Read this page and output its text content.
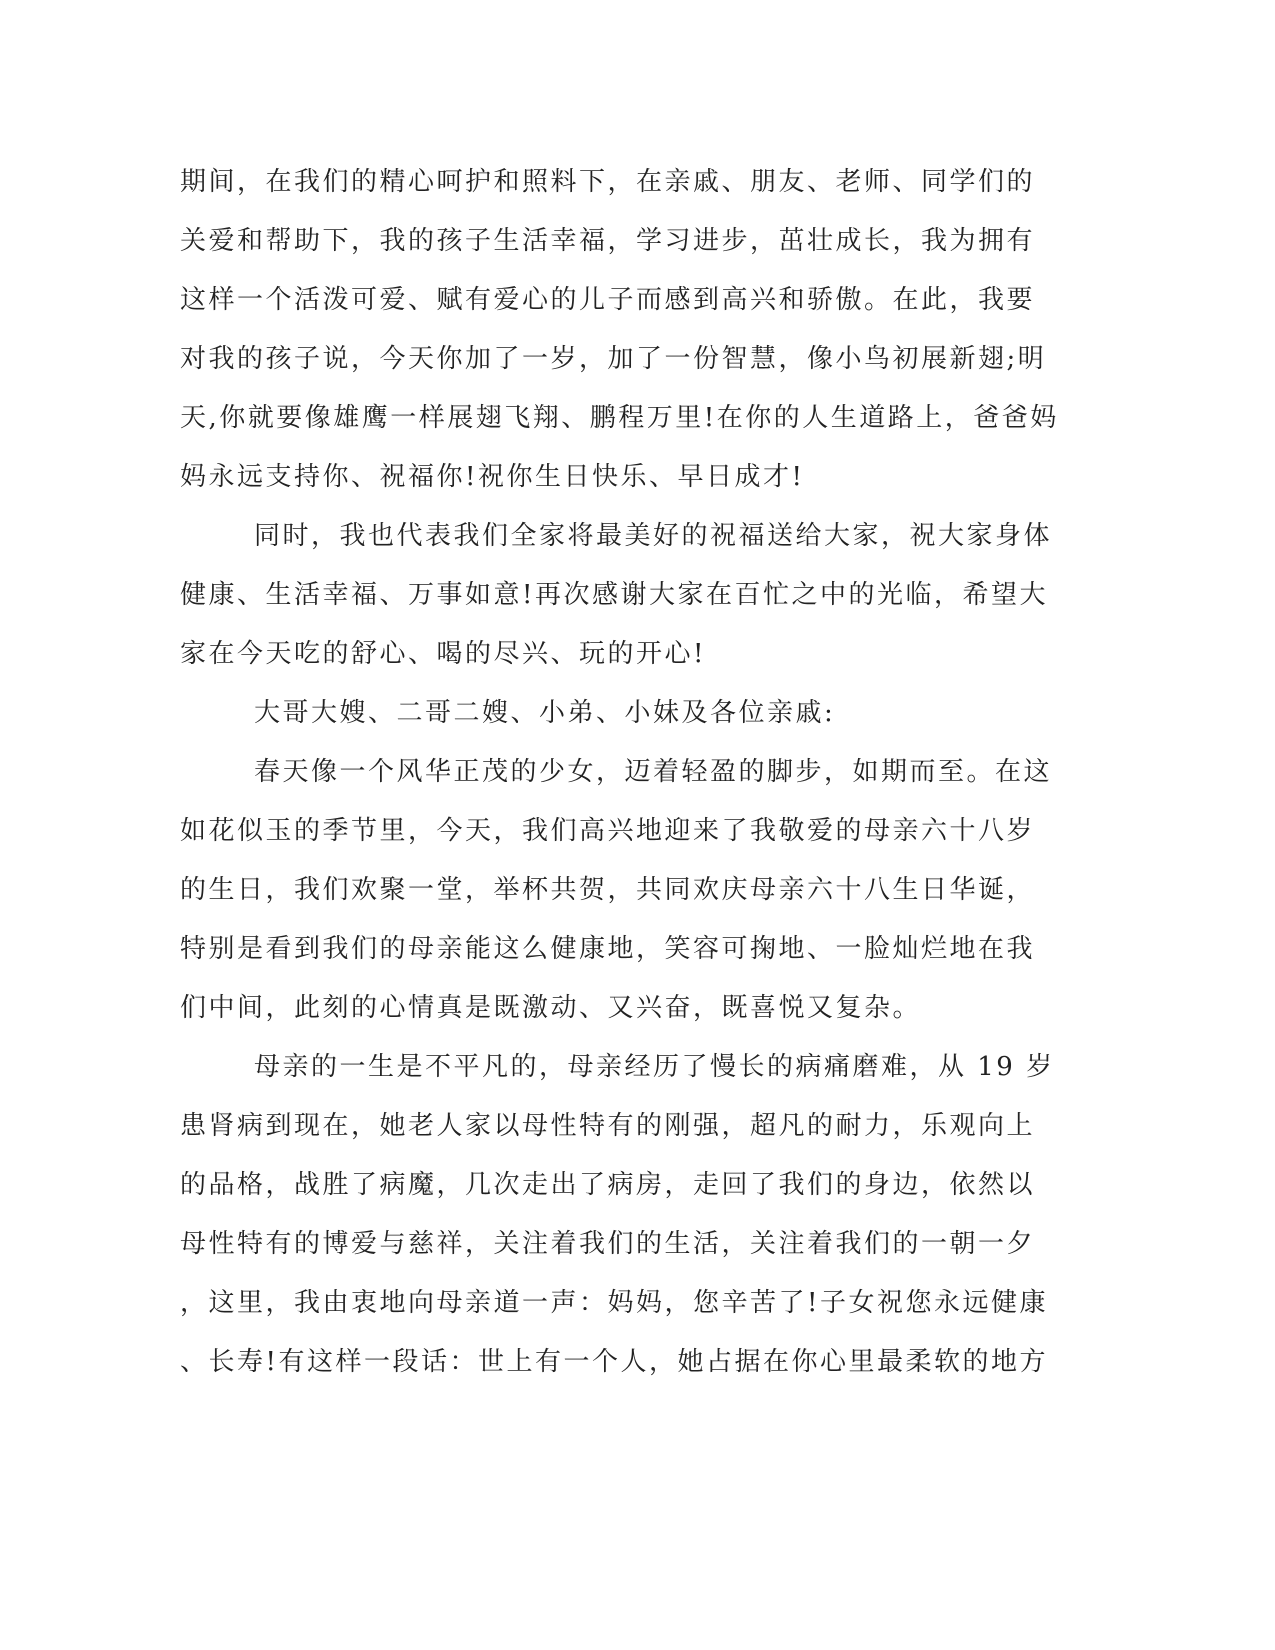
期间，在我们的精心呵护和照料下，在亲戚、朋友、老师、同学们的
关爱和帮助下，我的孩子生活幸福，学习进步，茁壮成长，我为拥有
这样一个活泼可爱、赋有爱心的儿子而感到高兴和骄傲。在此，我要
对我的孩子说，今天你加了一岁，加了一份智慧，像小鸟初展新翅;明
天,你就要像雄鹰一样展翅飞翔、鹏程万里!在你的人生道路上，爸爸妈
妈永远支持你、祝福你!祝你生日快乐、早日成才!
同时，我也代表我们全家将最美好的祝福送给大家，祝大家身体
健康、生活幸福、万事如意!再次感谢大家在百忙之中的光临，希望大
家在今天吃的舒心、喝的尽兴、玩的开心!
大哥大嫂、二哥二嫂、小弟、小妹及各位亲戚:
春天像一个风华正茂的少女，迈着轻盈的脚步，如期而至。在这
如花似玉的季节里，今天，我们高兴地迎来了我敬爱的母亲六十八岁
的生日，我们欢聚一堂，举杯共贺，共同欢庆母亲六十八生日华诞，
特别是看到我们的母亲能这么健康地，笑容可掬地、一脸灿烂地在我
们中间，此刻的心情真是既激动、又兴奋，既喜悦又复杂。
母亲的一生是不平凡的，母亲经历了慢长的病痛磨难，从 19 岁
患肾病到现在，她老人家以母性特有的刚强，超凡的耐力，乐观向上
的品格，战胜了病魔，几次走出了病房，走回了我们的身边，依然以
母性特有的博爱与慈祥，关注着我们的生活，关注着我们的一朝一夕
，这里，我由衷地向母亲道一声：妈妈，您辛苦了!子女祝您永远健康
、长寿!有这样一段话：世上有一个人，她占据在你心里最柔软的地方
